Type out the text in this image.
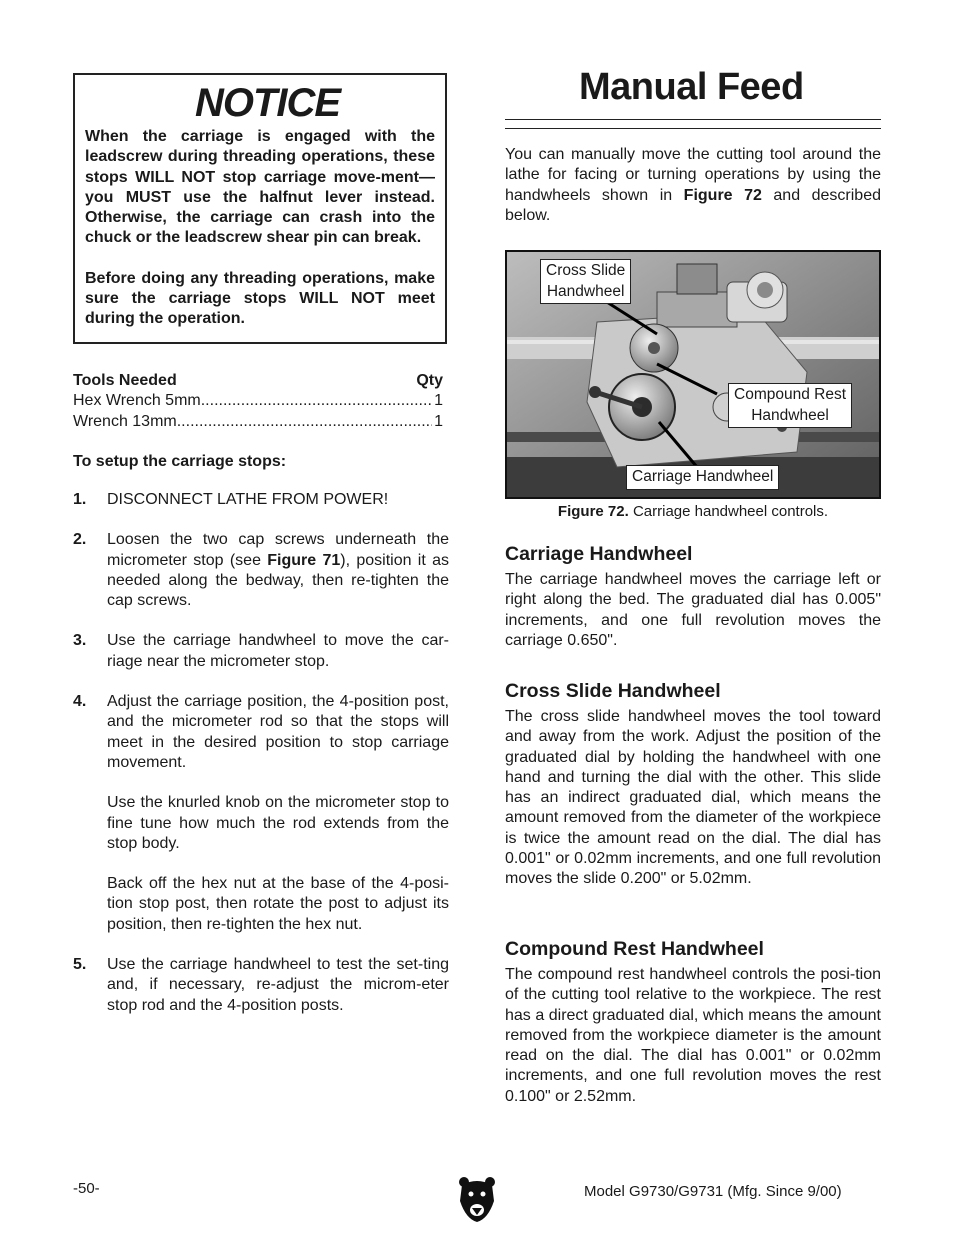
NOTICE

When the carriage is engaged with the leadscrew during threading operations, these stops WILL NOT stop carriage move-ment—you MUST use the halfnut lever instead. Otherwise, the carriage can crash into the chuck or the leadscrew shear pin can break.

Before doing any threading operations, make sure the carriage stops WILL NOT meet during the operation.

Tools Needed	Qty
Hex Wrench 5mm .....	1
Wrench 13mm .....	1
To setup the carriage stops:
1.	DISCONNECT LATHE FROM POWER!

2.	Loosen the two cap screws underneath the micrometer stop (see Figure 71), position it as needed along the bedway, then re-tighten the cap screws.

3.	Use the carriage handwheel to move the car-riage near the micrometer stop.

4.	Adjust the carriage position, the 4-position post, and the micrometer rod so that the stops will meet in the desired position to stop carriage movement.

Use the knurled knob on the micrometer stop to fine tune how much the rod extends from the stop body.

Back off the hex nut at the base of the 4-posi-tion stop post, then rotate the post to adjust its position, then re-tighten the hex nut.

5.	Use the carriage handwheel to test the set-ting and, if necessary, re-adjust the microm-eter stop rod and the 4-position posts.

Manual Feed

You can manually move the cutting tool around the lathe for facing or turning operations by using the handwheels shown in Figure 72 and described below.

Cross Slide
Handwheel
Compound Rest
Handwheel
Carriage Handwheel
Figure 72. Carriage handwheel controls.
Carriage Handwheel

The carriage handwheel moves the carriage left or right along the bed. The graduated dial has 0.005" increments, and one full revolution moves the carriage 0.650".

Cross Slide Handwheel

The cross slide handwheel moves the tool toward and away from the work. Adjust the position of the graduated dial by holding the handwheel with one hand and turning the dial with the other. This slide has an indirect graduated dial, which means the amount removed from the diameter of the workpiece is twice the amount read on the dial. The dial has 0.001" or 0.02mm increments, and one full revolution moves the slide 0.200" or 5.02mm.

Compound Rest Handwheel

The compound rest handwheel controls the posi-tion of the cutting tool relative to the workpiece. The rest has a direct graduated dial, which means the amount removed from the workpiece diameter is the amount read on the dial. The dial has 0.001" or 0.02mm increments, and one full revolution moves the rest 0.100" or 2.52mm.

-50-	Model G9730/G9731 (Mfg. Since 9/00)
